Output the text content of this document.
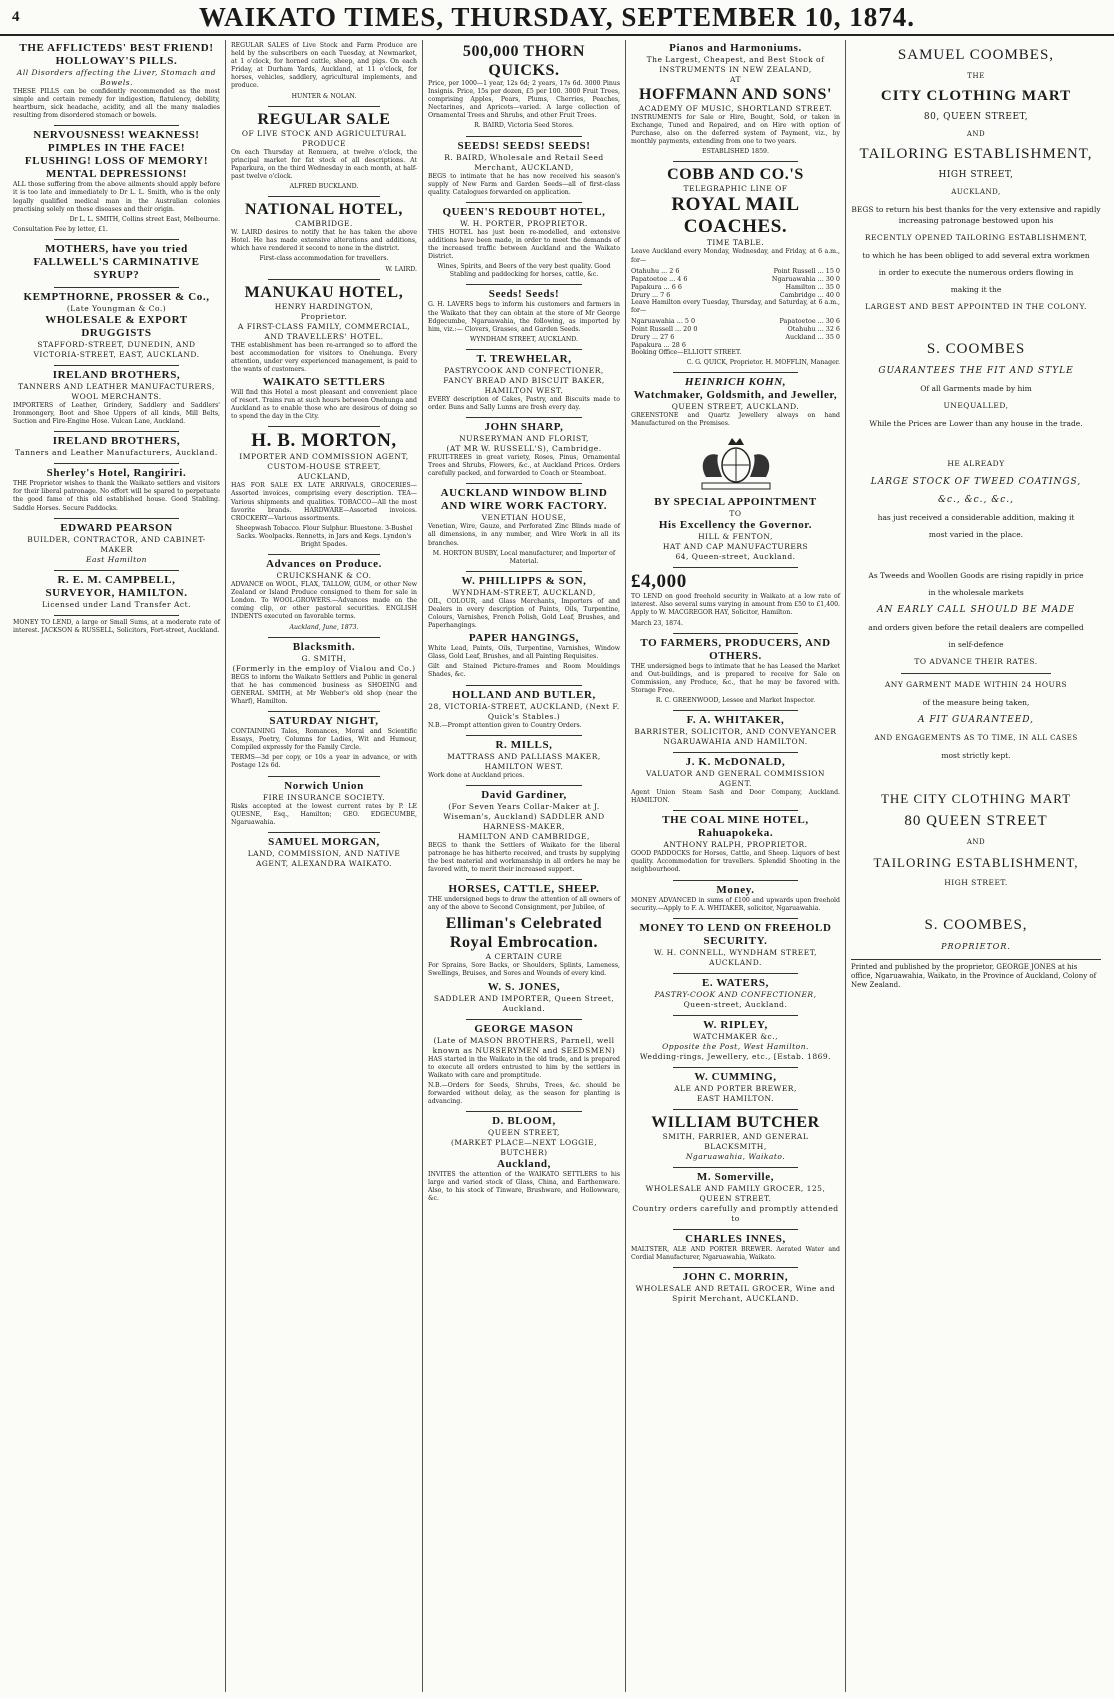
4	WAIKATO TIMES, THURSDAY, SEPTEMBER 10, 1874.
THE AFFLICTEDS' BEST FRIEND!
HOLLOWAY'S PILLS.
All Disorders affecting the Liver, Stomach and Bowels.

THESE PILLS can be confidently recommended as the most simple and certain remedy for indigestion, flatulency, debility, heartburn, sick headache, acidity, and all the many maladies resulting from disordered stomach or bowels.

NERVOUSNESS! WEAKNESS! PIMPLES IN THE FACE! FLUSHING! LOSS OF MEMORY! MENTAL DEPRESSIONS!

ALL those suffering from the above ailments should apply before it is too late and immediately to Dr L. L. Smith, who is the only legally qualified medical man in the Australian colonies practising solely on these diseases and their origin.

Dr L. L. SMITH, Collins street East, Melbourne.

Consultation Fee by letter, £1.

MOTHERS, have you tried FALLWELL'S CARMINATIVE SYRUP?
KEMPTHORNE, PROSSER & Co.,
(Late Youngman & Co.)
WHOLESALE & EXPORT DRUGGISTS
STAFFORD-STREET, DUNEDIN, AND VICTORIA-STREET, EAST, AUCKLAND.
IRELAND BROTHERS,
TANNERS AND LEATHER MANUFACTURERS, WOOL MERCHANTS.

IMPORTERS of Leather, Grindery, Saddlery and Saddlers' Ironmongery, Boot and Shoe Uppers of all kinds, Mill Belts, Suction and Fire-Engine Hose. Vulcan Lane, Auckland.

IRELAND BROTHERS,
Tanners and Leather Manufacturers, Auckland.
Sherley's Hotel, Rangiriri.

THE Proprietor wishes to thank the Waikato settlers and visitors for their liberal patronage. No effort will be spared to perpetuate the good fame of this old established house. Good Stabling. Saddle Horses. Secure Paddocks.

EDWARD PEARSON
BUILDER, CONTRACTOR, AND CABINET-MAKER
East Hamilton
R. E. M. CAMPBELL,
SURVEYOR, HAMILTON.
Licensed under Land Transfer Act.

MONEY TO LEND, a large or Small Sums, at a moderate rate of interest. JACKSON & RUSSELL, Solicitors, Fort-street, Auckland.

REGULAR SALES of Live Stock and Farm Produce are held by the subscribers on each Tuesday, at Newmarket, at 1 o'clock, for horned cattle, sheep, and pigs. On each Friday, at Durham Yards, Auckland, at 11 o'clock, for horses, vehicles, saddlery, agricultural implements, and produce.

HUNTER & NOLAN.

REGULAR SALE
OF LIVE STOCK AND AGRICULTURAL PRODUCE

On each Thursday at Remuera, at twelve o'clock, the principal market for fat stock of all descriptions. At Paparkura, on the third Wednesday in each month, at half-past twelve o'clock.

ALFRED BUCKLAND.

NATIONAL HOTEL,
CAMBRIDGE.

W. LAIRD desires to notify that he has taken the above Hotel. He has made extensive alterations and additions, which have rendered it second to none in the district.

First-class accommodation for travellers.

W. LAIRD.

MANUKAU HOTEL,
HENRY HARDINGTON,
Proprietor.
A FIRST-CLASS FAMILY, COMMERCIAL, AND TRAVELLERS' HOTEL.

THE establishment has been re-arranged so to afford the best accommodation for visitors to Onehunga. Every attention, under very experienced management, is paid to the wants of customers.

WAIKATO SETTLERS

Will find this Hotel a most pleasant and convenient place of resort. Trains run at such hours between Onehunga and Auckland as to enable those who are desirous of doing so to spend the day in the City.

H. B. MORTON,
IMPORTER AND COMMISSION AGENT,
CUSTOM-HOUSE STREET,
AUCKLAND,

HAS FOR SALE EX LATE ARRIVALS, GROCERIES—Assorted invoices, comprising every description. TEA—Various shipments and qualities. TOBACCO—All the most favorite brands. HARDWARE—Assorted invoices. CROCKERY—Various assortments.

Sheepwash Tobacco. Flour Sulphur. Bluestone. 3-Bushel Sacks. Woolpacks. Rennetts, in Jars and Kegs. Lyndon's Bright Spades.

Advances on Produce.
CRUICKSHANK & CO.

ADVANCE on WOOL, FLAX, TALLOW, GUM, or other New Zealand or Island Produce consigned to them for sale in London. To WOOL-GROWERS.—Advances made on the coming clip, or other pastoral securities. ENGLISH INDENTS executed on favorable terms.

Auckland, June, 1873.

Blacksmith.
G. SMITH,
(Formerly in the employ of Vialou and Co.)

BEGS to inform the Waikato Settlers and Public in general that he has commenced business as SHOEING and GENERAL SMITH, at Mr Webber's old shop (near the Wharf), Hamilton.

SATURDAY NIGHT,

CONTAINING Tales, Romances, Moral and Scientific Essays, Poetry, Columns for Ladies, Wit and Humour, Compiled expressly for the Family Circle.

TERMS—3d per copy, or 10s a year in advance, or with Postage 12s 6d.

Norwich Union
FIRE INSURANCE SOCIETY.

Risks accepted at the lowest current rates by P. LE QUESNE, Esq., Hamilton; GEO. EDGECUMBE, Ngaruawahia.

SAMUEL MORGAN,
LAND, COMMISSION, AND NATIVE AGENT, ALEXANDRA WAIKATO.
500,000 THORN QUICKS.

Price, per 1000—1 year, 12s 6d; 2 years, 17s 6d. 3000 Pinus Insignis. Price, 15s per dozen, £5 per 100. 3000 Fruit Trees, comprising Apples, Pears, Plums, Cherries, Peaches, Nectarines, and Apricots—varied. A large collection of Ornamental Trees and Shrubs, and other Fruit Trees.

R. BAIRD, Victoria Seed Stores.

SEEDS! SEEDS! SEEDS!
R. BAIRD, Wholesale and Retail Seed Merchant, AUCKLAND,

BEGS to intimate that he has now received his season's supply of New Farm and Garden Seeds—all of first-class quality. Catalogues forwarded on application.

QUEEN'S REDOUBT HOTEL,
W. H. PORTER, PROPRIETOR.

THIS HOTEL has just been re-modelled, and extensive additions have been made, in order to meet the demands of the increased traffic between Auckland and the Waikato District.

Wines, Spirits, and Beers of the very best quality. Good Stabling and paddocking for horses, cattle, &c.

Seeds! Seeds!

G. H. LAVERS begs to inform his customers and farmers in the Waikato that they can obtain at the store of Mr George Edgecumbe, Ngaruawahia, the following, as imported by him, viz.:— Clovers, Grasses, and Garden Seeds.

WYNDHAM STREET, AUCKLAND.

T. TREWHELAR,
PASTRYCOOK AND CONFECTIONER, FANCY BREAD AND BISCUIT BAKER,
HAMILTON WEST.

EVERY description of Cakes, Pastry, and Biscuits made to order. Buns and Sally Lunns are fresh every day.

JOHN SHARP,
NURSERYMAN AND FLORIST,
(AT MR W. RUSSELL'S), Cambridge.

FRUIT-TREES in great variety, Roses, Pinus, Ornamental Trees and Shrubs, Flowers, &c., at Auckland Prices. Orders carefully packed, and forwarded to Coach or Steamboat.

AUCKLAND WINDOW BLIND AND WIRE WORK FACTORY.
VENETIAN HOUSE,

Venetian, Wire, Gauze, and Perforated Zinc Blinds made of all dimensions, in any number, and Wire Work in all its branches.

M. HORTON BUSBY, Local manufacturer, and Importer of Material.

W. PHILLIPPS & SON,
WYNDHAM-STREET, AUCKLAND,

OIL, COLOUR, and Glass Merchants, Importers of and Dealers in every description of Paints, Oils, Turpentine, Colours, Varnishes, French Polish, Gold Leaf, Brushes, and Paperhangings.

PAPER HANGINGS,

White Lead, Paints, Oils, Turpentine, Varnishes, Window Glass, Gold Leaf, Brushes, and all Painting Requisites.

Gilt and Stained Picture-frames and Room Mouldings Shades, &c.

HOLLAND AND BUTLER,
28, VICTORIA-STREET, AUCKLAND, (Next F. Quick's Stables.)

N.B.—Prompt attention given to Country Orders.

R. MILLS,
MATTRASS AND PALLIASS MAKER, HAMILTON WEST.

Work done at Auckland prices.

David Gardiner,
(For Seven Years Collar-Maker at J. Wiseman's, Auckland) SADDLER AND HARNESS-MAKER,
HAMILTON AND CAMBRIDGE,

BEGS to thank the Settlers of Waikato for the liberal patronage he has hitherto received, and trusts by supplying the best material and workmanship in all orders he may be favored with, to merit their increased support.

HORSES, CATTLE, SHEEP.

THE undersigned begs to draw the attention of all owners of any of the above to Second Consignment, per Jubilee, of

Elliman's Celebrated Royal Embrocation.
A CERTAIN CURE

For Sprains, Sore Backs, or Shoulders, Splints, Lameness, Swellings, Bruises, and Sores and Wounds of every kind.

W. S. JONES,
SADDLER AND IMPORTER, Queen Street, Auckland.
GEORGE MASON
(Late of MASON BROTHERS, Parnell, well known as NURSERYMEN and SEEDSMEN)

HAS started in the Waikato in the old trade, and is prepared to execute all orders entrusted to him by the settlers in Waikato with care and promptitude.

N.B.—Orders for Seeds, Shrubs, Trees, &c. should be forwarded without delay, as the season for planting is advancing.

D. BLOOM,
QUEEN STREET,
(MARKET PLACE—NEXT LOGGIE, BUTCHER)
Auckland,

INVITES the attention of the WAIKATO SETTLERS to his large and varied stock of Glass, China, and Earthenware. Also, to his stock of Tinware, Brushware, and Hollowware, &c.

Pianos and Harmoniums.
The Largest, Cheapest, and Best Stock of
INSTRUMENTS IN NEW ZEALAND,
AT
HOFFMANN AND SONS'
ACADEMY OF MUSIC, SHORTLAND STREET.

INSTRUMENTS for Sale or Hire, Bought, Sold, or taken in Exchange, Tuned and Repaired, and on Hire with option of Purchase, also on the deferred system of Payment, viz., by monthly payments, extending from one to two years.

ESTABLISHED 1859.

COBB AND CO.'S
TELEGRAPHIC LINE OF
ROYAL MAIL COACHES.
TIME TABLE.

Leave Auckland every Monday, Wednesday, and Friday, at 6 a.m., for—

Otahuhu ... 2 6	Point Russell ... 15 0
Papatoetoe ... 4 6	Ngaruawahia ... 30 0
Papakura ... 6 6	Hamilton ... 35 0
Drury ... 7 6	Cambridge ... 40 0

Leave Hamilton every Tuesday, Thursday, and Saturday, at 6 a.m., for—

Ngaruawahia ... 5 0	Papatoetoe ... 30 6
Point Russell ... 20 0	Otahuhu ... 32 6
Drury ... 27 6	Auckland ... 35 0
Papakura ... 28 6

Booking Office—ELLIOTT STREET.

C. G. QUICK, Proprietor. H. MOFFLIN, Manager.

HEINRICH KOHN,
Watchmaker, Goldsmith, and Jeweller,
QUEEN STREET, AUCKLAND.

GREENSTONE and Quartz Jewellery always on hand Manufactured on the Premises.

BY SPECIAL APPOINTMENT
TO
His Excellency the Governor.
HILL & FENTON,
HAT AND CAP MANUFACTURERS
64, Queen-street, Auckland.
£4,000

TO LEND on good freehold security in Waikato at a low rate of interest. Also several sums varying in amount from £50 to £1,400. Apply to W. MACGREGOR HAY, Solicitor, Hamilton.

March 23, 1874.

TO FARMERS, PRODUCERS, AND OTHERS.

THE undersigned begs to intimate that he has Leased the Market and Out-buildings, and is prepared to receive for Sale on Commission, any Produce, &c., that he may be favored with. Storage Free.

R. C. GREENWOOD, Lessee and Market Inspector.

F. A. WHITAKER,
BARRISTER, SOLICITOR, AND CONVEYANCER
NGARUAWAHIA AND HAMILTON.
J. K. McDONALD,
VALUATOR AND GENERAL COMMISSION AGENT.

Agent Union Steam Sash and Door Company, Auckland. HAMILTON.

THE COAL MINE HOTEL,
Rahuapokeka.
ANTHONY RALPH, PROPRIETOR.

GOOD PADDOCKS for Horses, Cattle, and Sheep. Liquors of best quality. Accommodation for travellers. Splendid Shooting in the neighbourhood.

Money.

MONEY ADVANCED in sums of £100 and upwards upon freehold security.—Apply to F. A. WHITAKER, solicitor, Ngaruawahia.

MONEY TO LEND ON FREEHOLD SECURITY.
W. H. CONNELL, WYNDHAM STREET, AUCKLAND.
E. WATERS,
PASTRY-COOK AND CONFECTIONER,
Queen-street, Auckland.
W. RIPLEY,
WATCHMAKER &c.,
Opposite the Post, West Hamilton.
Wedding-rings, Jewellery, etc., [Estab. 1869.
W. CUMMING,
ALE AND PORTER BREWER,
EAST HAMILTON.
WILLIAM BUTCHER
SMITH, FARRIER, AND GENERAL BLACKSMITH,
Ngaruawahia, Waikato.
M. Somerville,
WHOLESALE AND FAMILY GROCER, 125, QUEEN STREET.
Country orders carefully and promptly attended to
CHARLES INNES,

MALTSTER, ALE AND PORTER BREWER. Aerated Water and Cordial Manufacturer, Ngaruawahia, Waikato.

JOHN C. MORRIN,
WHOLESALE AND RETAIL GROCER, Wine and Spirit Merchant, AUCKLAND.
SAMUEL COOMBES,
THE
CITY CLOTHING MART
80, QUEEN STREET,
AND
TAILORING ESTABLISHMENT,
HIGH STREET,
AUCKLAND,
BEGS to return his best thanks for the very extensive and rapidly increasing patronage bestowed upon his
RECENTLY OPENED TAILORING ESTABLISHMENT,
to which he has been obliged to add several extra workmen
in order to execute the numerous orders flowing in
making it the
LARGEST AND BEST APPOINTED IN THE COLONY.
S. COOMBES
GUARANTEES THE FIT AND STYLE
Of all Garments made by him
UNEQUALLED,
While the Prices are Lower than any house in the trade.
HE ALREADY
LARGE STOCK OF TWEED COATINGS,
&c., &c., &c.,
has just received a considerable addition, making it
most varied in the place.
As Tweeds and Woollen Goods are rising rapidly in price
in the wholesale markets
AN EARLY CALL SHOULD BE MADE
and orders given before the retail dealers are compelled
in self-defence
TO ADVANCE THEIR RATES.
ANY GARMENT MADE WITHIN 24 HOURS
of the measure being taken,
A FIT GUARANTEED,
AND ENGAGEMENTS AS TO TIME, IN ALL CASES
most strictly kept.
THE CITY CLOTHING MART
80 QUEEN STREET
AND
TAILORING ESTABLISHMENT,
HIGH STREET.
S. COOMBES,
PROPRIETOR.
Printed and published by the proprietor, GEORGE JONES at his office, Ngaruawahia, Waikato, in the Province of Auckland, Colony of New Zealand.
